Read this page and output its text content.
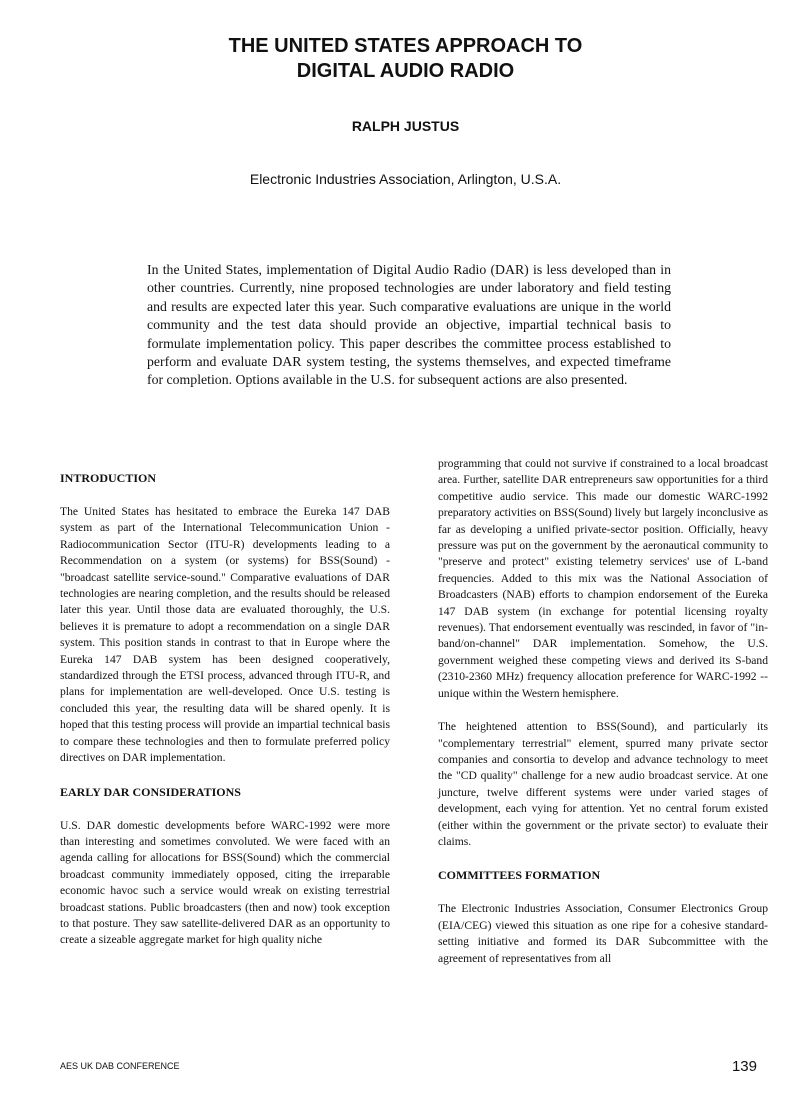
THE UNITED STATES APPROACH TO
DIGITAL AUDIO RADIO
RALPH JUSTUS
Electronic Industries Association, Arlington, U.S.A.

In the United States, implementation of Digital Audio Radio (DAR) is less developed than in other countries. Currently, nine proposed technologies are under laboratory and field testing and results are expected later this year. Such comparative evaluations are unique in the world community and the test data should provide an objective, impartial technical basis to formulate implementation policy. This paper describes the committee process established to perform and evaluate DAR system testing, the systems themselves, and expected timeframe for completion. Options available in the U.S. for subsequent actions are also presented.

INTRODUCTION

The United States has hesitated to embrace the Eureka 147 DAB system as part of the International Telecommunication Union - Radiocommunication Sector (ITU-R) developments leading to a Recommendation on a system (or systems) for BSS(Sound) - "broadcast satellite service-sound." Comparative evaluations of DAR technologies are nearing completion, and the results should be released later this year. Until those data are evaluated thoroughly, the U.S. believes it is premature to adopt a recommendation on a single DAR system. This position stands in contrast to that in Europe where the Eureka 147 DAB system has been designed cooperatively, standardized through the ETSI process, advanced through ITU-R, and plans for implementation are well-developed. Once U.S. testing is concluded this year, the resulting data will be shared openly. It is hoped that this testing process will provide an impartial technical basis to compare these technologies and then to formulate preferred policy directives on DAR implementation.

EARLY DAR CONSIDERATIONS

U.S. DAR domestic developments before WARC-1992 were more than interesting and sometimes convoluted. We were faced with an agenda calling for allocations for BSS(Sound) which the commercial broadcast community immediately opposed, citing the irreparable economic havoc such a service would wreak on existing terrestrial broadcast stations. Public broadcasters (then and now) took exception to that posture. They saw satellite-delivered DAR as an opportunity to create a sizeable aggregate market for high quality niche

programming that could not survive if constrained to a local broadcast area. Further, satellite DAR entrepreneurs saw opportunities for a third competitive audio service. This made our domestic WARC-1992 preparatory activities on BSS(Sound) lively but largely inconclusive as far as developing a unified private-sector position. Officially, heavy pressure was put on the government by the aeronautical community to "preserve and protect" existing telemetry services' use of L-band frequencies. Added to this mix was the National Association of Broadcasters (NAB) efforts to champion endorsement of the Eureka 147 DAB system (in exchange for potential licensing royalty revenues). That endorsement eventually was rescinded, in favor of "in-band/on-channel" DAR implementation. Somehow, the U.S. government weighed these competing views and derived its S-band (2310-2360 MHz) frequency allocation preference for WARC-1992 -- unique within the Western hemisphere.

The heightened attention to BSS(Sound), and particularly its "complementary terrestrial" element, spurred many private sector companies and consortia to develop and advance technology to meet the "CD quality" challenge for a new audio broadcast service. At one juncture, twelve different systems were under varied stages of development, each vying for attention. Yet no central forum existed (either within the government or the private sector) to evaluate their claims.

COMMITTEES FORMATION

The Electronic Industries Association, Consumer Electronics Group (EIA/CEG) viewed this situation as one ripe for a cohesive standard-setting initiative and formed its DAR Subcommittee with the agreement of representatives from all

AES UK DAB CONFERENCE	139
